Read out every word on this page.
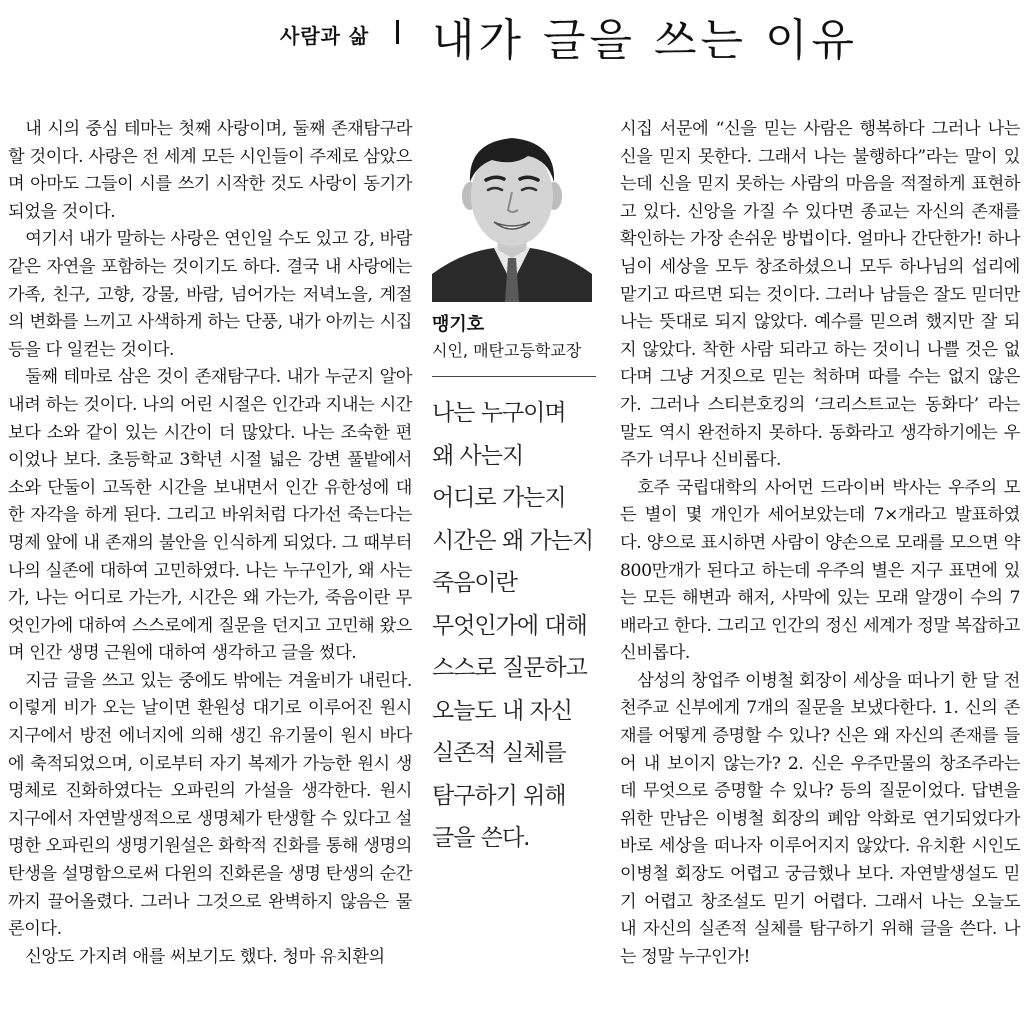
사람과 삶 내가 글을 쓰는 이유

내 시의 중심 테마는 첫째 사랑이며, 둘째 존재탐구라 할 것이다. 사랑은 전 세계 모든 시인들이 주제로 삼았으며 아마도 그들이 시를 쓰기 시작한 것도 사랑이 동기가 되었을 것이다.

여기서 내가 말하는 사랑은 연인일 수도 있고 강, 바람 같은 자연을 포함하는 것이기도 하다. 결국 내 사랑에는 가족, 친구, 고향, 강물, 바람, 넘어가는 저녁노을, 계절의 변화를 느끼고 사색하게 하는 단풍, 내가 아끼는 시집 등을 다 일컫는 것이다.

둘째 테마로 삼은 것이 존재탐구다. 내가 누군지 알아내려 하는 것이다. 나의 어린 시절은 인간과 지내는 시간보다 소와 같이 있는 시간이 더 많았다. 나는 조숙한 편이었나 보다. 초등학교 3학년 시절 넓은 강변 풀밭에서 소와 단둘이 고독한 시간을 보내면서 인간 유한성에 대한 자각을 하게 된다. 그리고 바위처럼 다가선 죽는다는 명제 앞에 내 존재의 불안을 인식하게 되었다. 그 때부터 나의 실존에 대하여 고민하였다. 나는 누구인가, 왜 사는가, 나는 어디로 가는가, 시간은 왜 가는가, 죽음이란 무엇인가에 대하여 스스로에게 질문을 던지고 고민해 왔으며 인간 생명 근원에 대하여 생각하고 글을 썼다.

지금 글을 쓰고 있는 중에도 밖에는 겨울비가 내린다. 이렇게 비가 오는 날이면 환원성 대기로 이루어진 원시 지구에서 방전 에너지에 의해 생긴 유기물이 원시 바다에 축적되었으며, 이로부터 자기 복제가 가능한 원시 생명체로 진화하였다는 오파린의 가설을 생각한다. 원시 지구에서 자연발생적으로 생명체가 탄생할 수 있다고 설명한 오파린의 생명기원설은 화학적 진화를 통해 생명의 탄생을 설명함으로써 다윈의 진화론을 생명 탄생의 순간까지 끌어올렸다. 그러나 그것으로 완벽하지 않음은 물론이다.

신앙도 가지려 애를 써보기도 했다. 청마 유치환의

맹기호
시인, 매탄고등학교장
나는 누구이며
왜 사는지
어디로 가는지
시간은 왜 가는지
죽음이란
무엇인가에 대해
스스로 질문하고
오늘도 내 자신
실존적 실체를
탐구하기 위해
글을 쓴다.

시집 서문에 “신을 믿는 사람은 행복하다 그러나 나는 신을 믿지 못한다. 그래서 나는 불행하다”라는 말이 있는데 신을 믿지 못하는 사람의 마음을 적절하게 표현하고 있다. 신앙을 가질 수 있다면 종교는 자신의 존재를 확인하는 가장 손쉬운 방법이다. 얼마나 간단한가! 하나님이 세상을 모두 창조하셨으니 모두 하나님의 섭리에 맡기고 따르면 되는 것이다. 그러나 남들은 잘도 믿더만 나는 뜻대로 되지 않았다. 예수를 믿으려 했지만 잘 되지 않았다. 착한 사람 되라고 하는 것이니 나쁠 것은 없다며 그냥 거짓으로 믿는 척하며 따를 수는 없지 않은가. 그러나 스티븐호킹의 ‘크리스트교는 동화다’ 라는 말도 역시 완전하지 못하다. 동화라고 생각하기에는 우주가 너무나 신비롭다.

호주 국립대학의 사어먼 드라이버 박사는 우주의 모든 별이 몇 개인가 세어보았는데 7×개라고 발표하였다. 양으로 표시하면 사람이 양손으로 모래를 모으면 약 800만개가 된다고 하는데 우주의 별은 지구 표면에 있는 모든 해변과 해저, 사막에 있는 모래 알갱이 수의 7배라고 한다. 그리고 인간의 정신 세계가 정말 복잡하고 신비롭다.

삼성의 창업주 이병철 회장이 세상을 떠나기 한 달 전 천주교 신부에게 7개의 질문을 보냈다한다. 1. 신의 존재를 어떻게 증명할 수 있나? 신은 왜 자신의 존재를 들어 내 보이지 않는가? 2. 신은 우주만물의 창조주라는데 무엇으로 증명할 수 있나? 등의 질문이었다. 답변을 위한 만남은 이병철 회장의 폐암 악화로 연기되었다가 바로 세상을 떠나자 이루어지지 않았다. 유치환 시인도 이병철 회장도 어렵고 궁금했나 보다. 자연발생설도 믿기 어렵고 창조설도 믿기 어렵다. 그래서 나는 오늘도 내 자신의 실존적 실체를 탐구하기 위해 글을 쓴다. 나는 정말 누구인가!
